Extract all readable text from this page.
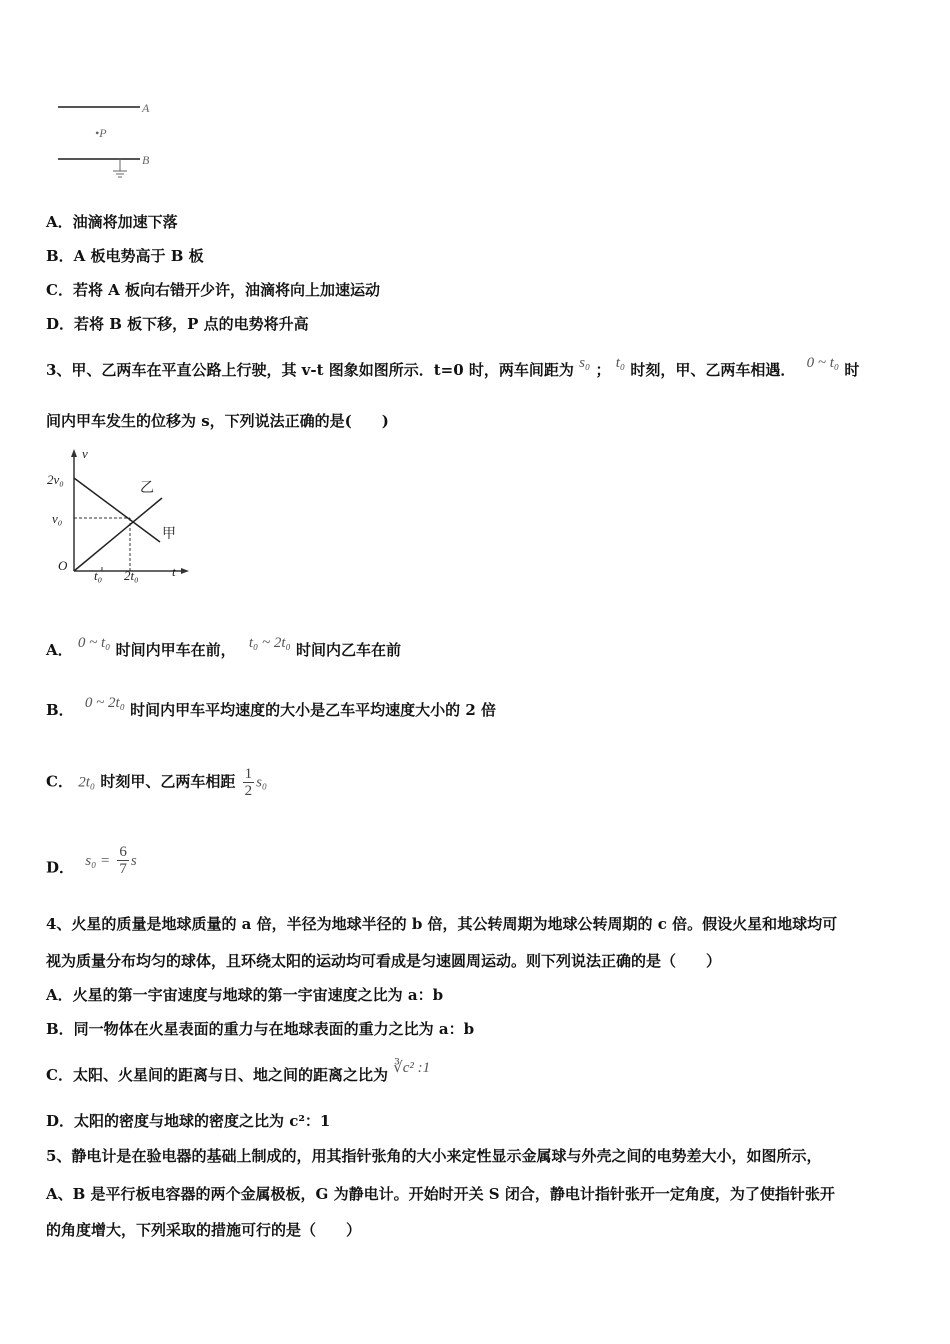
A
•P
B
A．油滴将加速下落
B．A 板电势高于 B 板
C．若将 A 板向右错开少许，油滴将向上加速运动
D．若将 B 板下移，P 点的电势将升高
3、甲、乙两车在平直公路上行驶，其 v-t 图象如图所示．t=0 时，两车间距为 s₀ ； t₀ 时刻，甲、乙两车相遇． 0 ~ t₀ 时
间内甲车发生的位移为 s，下列说法正确的是(　　)
v
2v₀
v₀
O
t₀ 2t₀	t
乙
甲
A． 0 ~ t₀ 时间内甲车在前， t₀ ~ 2t₀ 时间内乙车在前
B． 0 ~ 2t₀ 时间内甲车平均速度的大小是乙车平均速度大小的 2 倍
C． 2t₀ 时刻甲、乙两车相距 $\frac{1}{2} s_0$
D． $s_0 = \frac{6}{7}$ s
4、火星的质量是地球质量的 a 倍，半径为地球半径的 b 倍，其公转周期为地球公转周期的 c 倍。假设火星和地球均可
视为质量分布均匀的球体，且环绕太阳的运动均可看成是匀速圆周运动。则下列说法正确的是（　　）
A．火星的第一宇宙速度与地球的第一宇宙速度之比为 a：b
B．同一物体在火星表面的重力与在地球表面的重力之比为 a：b
C．太阳、火星间的距离与日、地之间的距离之比为 ∛c² :1
D．太阳的密度与地球的密度之比为 c²：1
5、静电计是在验电器的基础上制成的，用其指针张角的大小来定性显示金属球与外壳之间的电势差大小，如图所示，
A、B 是平行板电容器的两个金属极板，G 为静电计。开始时开关 S 闭合，静电计指针张开一定角度，为了使指针张开
的角度增大，下列采取的措施可行的是（　　）
